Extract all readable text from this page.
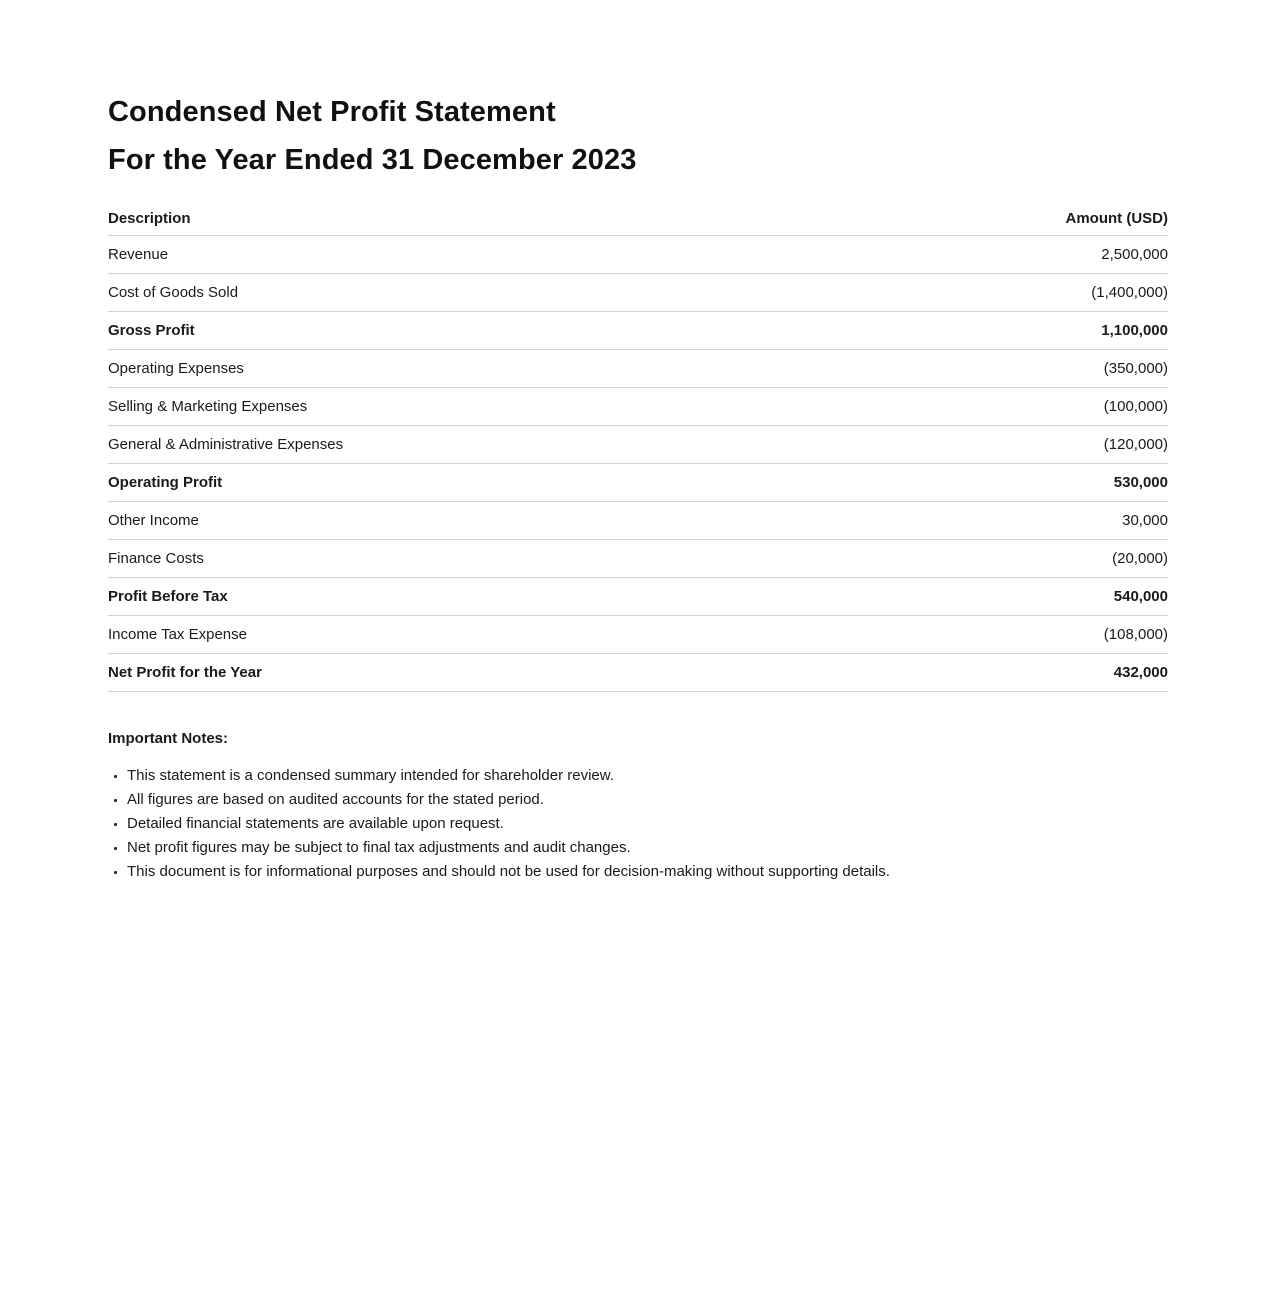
Condensed Net Profit Statement
For the Year Ended 31 December 2023
Description	Amount (USD)
Revenue	2,500,000
Cost of Goods Sold	(1,400,000)
Gross Profit	1,100,000
Operating Expenses	(350,000)
Selling & Marketing Expenses	(100,000)
General & Administrative Expenses	(120,000)
Operating Profit	530,000
Other Income	30,000
Finance Costs	(20,000)
Profit Before Tax	540,000
Income Tax Expense	(108,000)
Net Profit for the Year	432,000
Important Notes:
• This statement is a condensed summary intended for shareholder review.
• All figures are based on audited accounts for the stated period.
• Detailed financial statements are available upon request.
• Net profit figures may be subject to final tax adjustments and audit changes.
• This document is for informational purposes and should not be used for decision-making without supporting details.
